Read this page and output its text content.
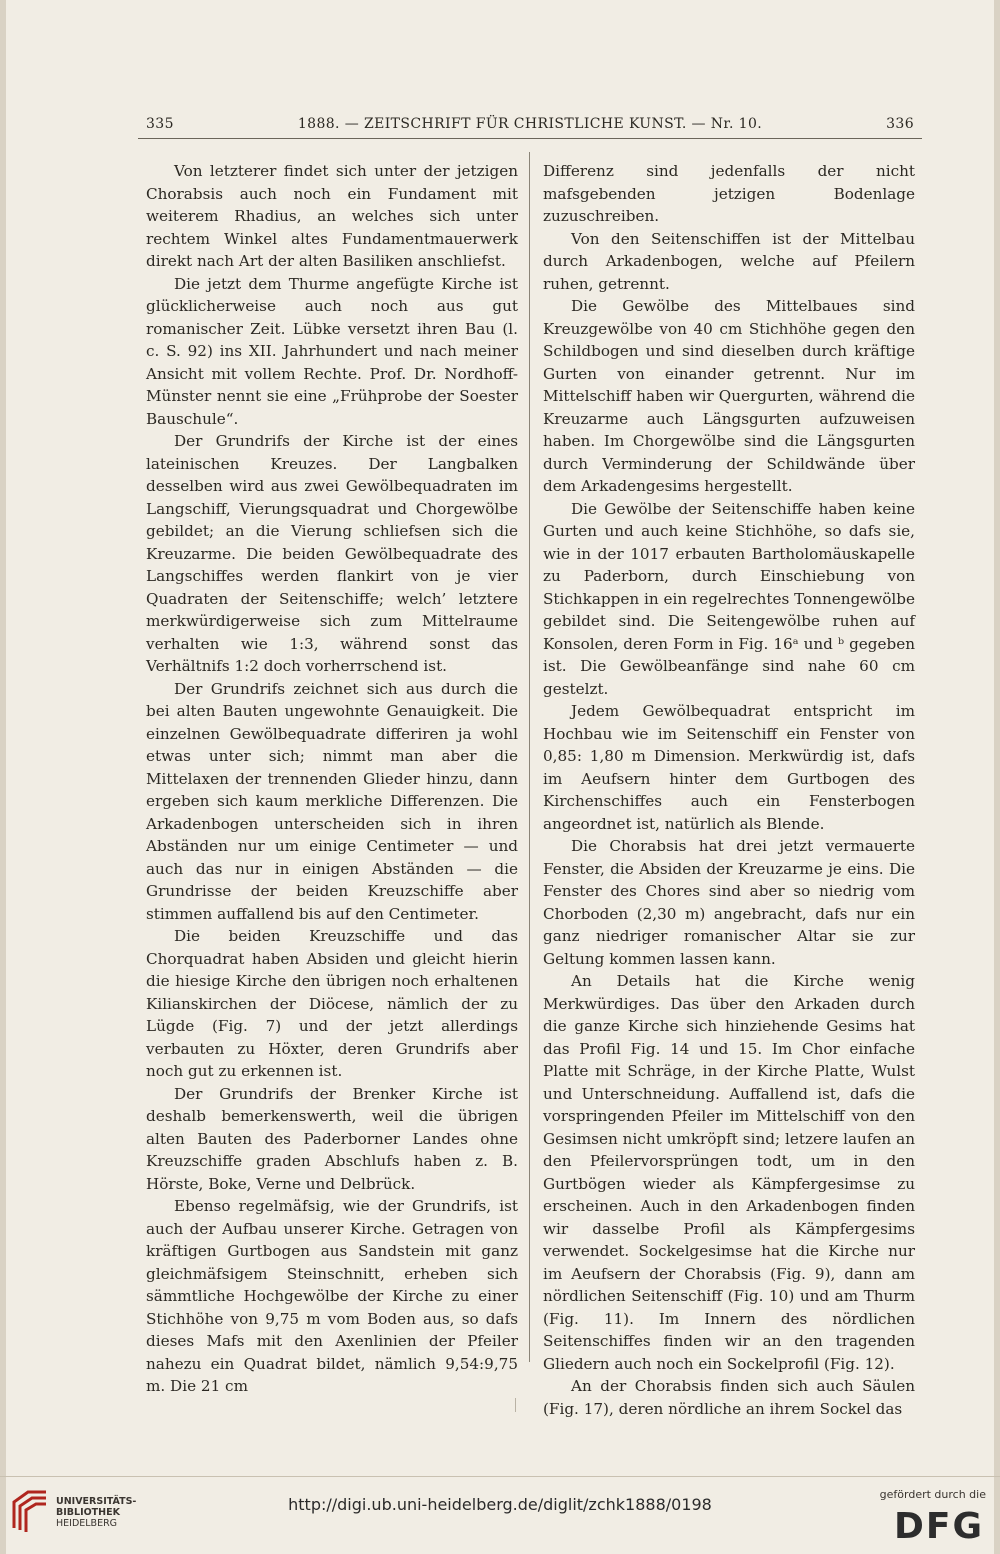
335	1888. — ZEITSCHRIFT FÜR CHRISTLICHE KUNST. — Nr. 10.	336

Von letzterer findet sich unter der jetzigen Chorabsis auch noch ein Fundament mit weiterem Rhadius, an welches sich unter rechtem Winkel altes Fundamentmauerwerk direkt nach Art der alten Basiliken anschliefst.

Die jetzt dem Thurme angefügte Kirche ist glücklicherweise auch noch aus gut romanischer Zeit. Lübke versetzt ihren Bau (l. c. S. 92) ins XII. Jahrhundert und nach meiner Ansicht mit vollem Rechte. Prof. Dr. Nordhoff-Münster nennt sie eine „Frühprobe der Soester Bauschule“.

Der Grundrifs der Kirche ist der eines lateinischen Kreuzes. Der Langbalken desselben wird aus zwei Gewölbequadraten im Langschiff, Vierungsquadrat und Chorgewölbe gebildet; an die Vierung schliefsen sich die Kreuzarme. Die beiden Gewölbequadrate des Langschiffes werden flankirt von je vier Quadraten der Seitenschiffe; welch’ letztere merkwürdigerweise sich zum Mittelraume verhalten wie 1:3, während sonst das Verhältnifs 1:2 doch vorherrschend ist.

Der Grundrifs zeichnet sich aus durch die bei alten Bauten ungewohnte Genauigkeit. Die einzelnen Gewölbequadrate differiren ja wohl etwas unter sich; nimmt man aber die Mittelaxen der trennenden Glieder hinzu, dann ergeben sich kaum merkliche Differenzen. Die Arkadenbogen unterscheiden sich in ihren Abständen nur um einige Centimeter — und auch das nur in einigen Abständen — die Grundrisse der beiden Kreuzschiffe aber stimmen auffallend bis auf den Centimeter.

Die beiden Kreuzschiffe und das Chorquadrat haben Absiden und gleicht hierin die hiesige Kirche den übrigen noch erhaltenen Kilianskirchen der Diöcese, nämlich der zu Lügde (Fig. 7) und der jetzt allerdings verbauten zu Höxter, deren Grundrifs aber noch gut zu erkennen ist.

Der Grundrifs der Brenker Kirche ist deshalb bemerkenswerth, weil die übrigen alten Bauten des Paderborner Landes ohne Kreuzschiffe graden Abschlufs haben z. B. Hörste, Boke, Verne und Delbrück.

Ebenso regelmäfsig, wie der Grundrifs, ist auch der Aufbau unserer Kirche. Getragen von kräftigen Gurtbogen aus Sandstein mit ganz gleichmäfsigem Steinschnitt, erheben sich sämmtliche Hochgewölbe der Kirche zu einer Stichhöhe von 9,75 m vom Boden aus, so dafs dieses Mafs mit den Axenlinien der Pfeiler nahezu ein Quadrat bildet, nämlich 9,54:9,75 m. Die 21 cm

Differenz sind jedenfalls der nicht mafsgebenden jetzigen Bodenlage zuzuschreiben.

Von den Seitenschiffen ist der Mittelbau durch Arkadenbogen, welche auf Pfeilern ruhen, getrennt.

Die Gewölbe des Mittelbaues sind Kreuzgewölbe von 40 cm Stichhöhe gegen den Schildbogen und sind dieselben durch kräftige Gurten von einander getrennt. Nur im Mittelschiff haben wir Quergurten, während die Kreuzarme auch Längsgurten aufzuweisen haben. Im Chorgewölbe sind die Längsgurten durch Verminderung der Schildwände über dem Arkadengesims hergestellt.

Die Gewölbe der Seitenschiffe haben keine Gurten und auch keine Stichhöhe, so dafs sie, wie in der 1017 erbauten Bartholomäuskapelle zu Paderborn, durch Einschiebung von Stichkappen in ein regelrechtes Tonnengewölbe gebildet sind. Die Seitengewölbe ruhen auf Konsolen, deren Form in Fig. 16ᵃ und ᵇ gegeben ist. Die Gewölbeanfänge sind nahe 60 cm gestelzt.

Jedem Gewölbequadrat entspricht im Hochbau wie im Seitenschiff ein Fenster von 0,85: 1,80 m Dimension. Merkwürdig ist, dafs im Aeufsern hinter dem Gurtbogen des Kirchenschiffes auch ein Fensterbogen angeordnet ist, natürlich als Blende.

Die Chorabsis hat drei jetzt vermauerte Fenster, die Absiden der Kreuzarme je eins. Die Fenster des Chores sind aber so niedrig vom Chorboden (2,30 m) angebracht, dafs nur ein ganz niedriger romanischer Altar sie zur Geltung kommen lassen kann.

An Details hat die Kirche wenig Merkwürdiges. Das über den Arkaden durch die ganze Kirche sich hinziehende Gesims hat das Profil Fig. 14 und 15. Im Chor einfache Platte mit Schräge, in der Kirche Platte, Wulst und Unterschneidung. Auffallend ist, dafs die vorspringenden Pfeiler im Mittelschiff von den Gesimsen nicht umkröpft sind; letzere laufen an den Pfeilervorsprüngen todt, um in den Gurtbögen wieder als Kämpfergesimse zu erscheinen. Auch in den Arkadenbogen finden wir dasselbe Profil als Kämpfergesims verwendet. Sockelgesimse hat die Kirche nur im Aeufsern der Chorabsis (Fig. 9), dann am nördlichen Seitenschiff (Fig. 10) und am Thurm (Fig. 11). Im Innern des nördlichen Seitenschiffes finden wir an den tragenden Gliedern auch noch ein Sockelprofil (Fig. 12).

An der Chorabsis finden sich auch Säulen (Fig. 17), deren nördliche an ihrem Sockel das

UNIVERSITÄTS-
BIBLIOTHEK
HEIDELBERG
http://digi.ub.uni-heidelberg.de/diglit/zchk1888/0198
gefördert durch die
DFG
